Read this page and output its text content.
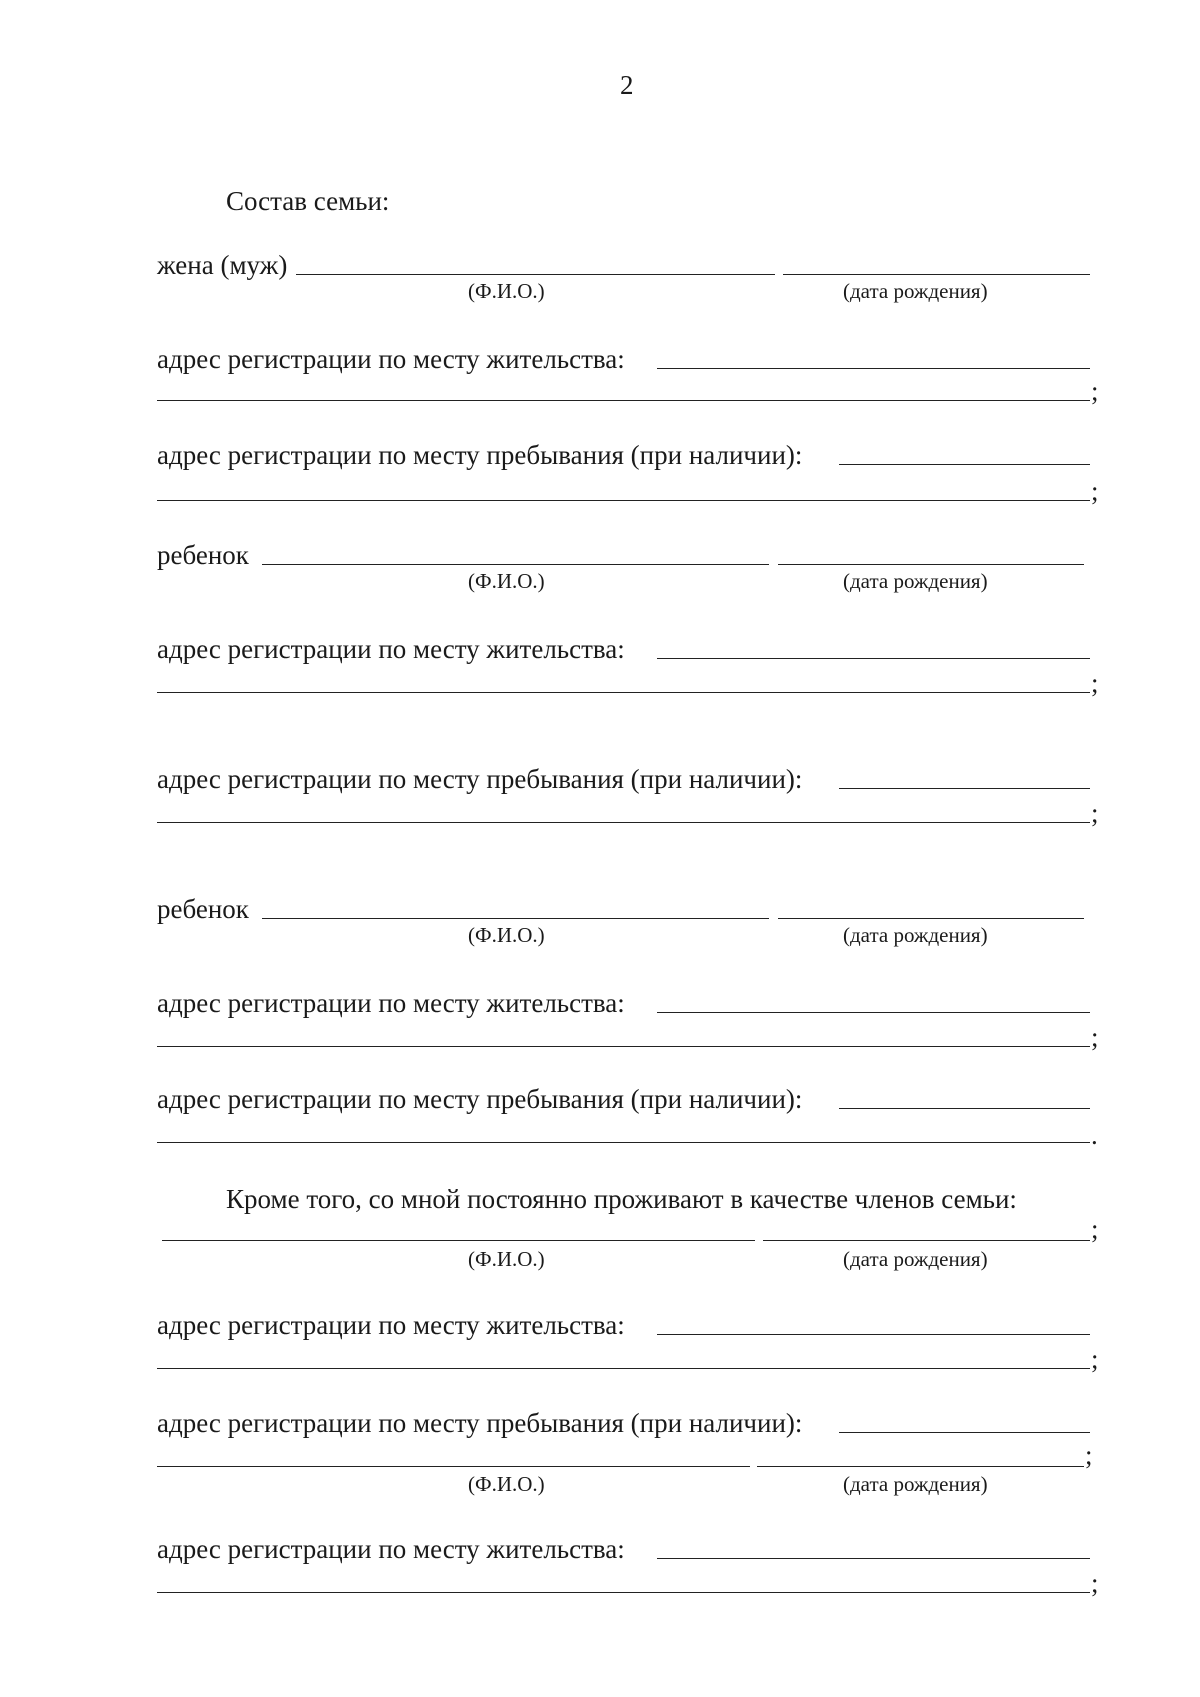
2
Состав семьи:
жена (муж)
(Ф.И.О.)	(дата рождения)
адрес регистрации по месту жительства:
;
адрес регистрации по месту пребывания (при наличии):
;
ребенок
(Ф.И.О.)	(дата рождения)
адрес регистрации по месту жительства:
;
адрес регистрации по месту пребывания (при наличии):
;
ребенок
(Ф.И.О.)	(дата рождения)
адрес регистрации по месту жительства:
;
адрес регистрации по месту пребывания (при наличии):
.
Кроме того, со мной постоянно проживают в качестве членов семьи:
;
(Ф.И.О.)	(дата рождения)
адрес регистрации по месту жительства:
;
адрес регистрации по месту пребывания (при наличии):
;
(Ф.И.О.)	(дата рождения)
адрес регистрации по месту жительства:
;
